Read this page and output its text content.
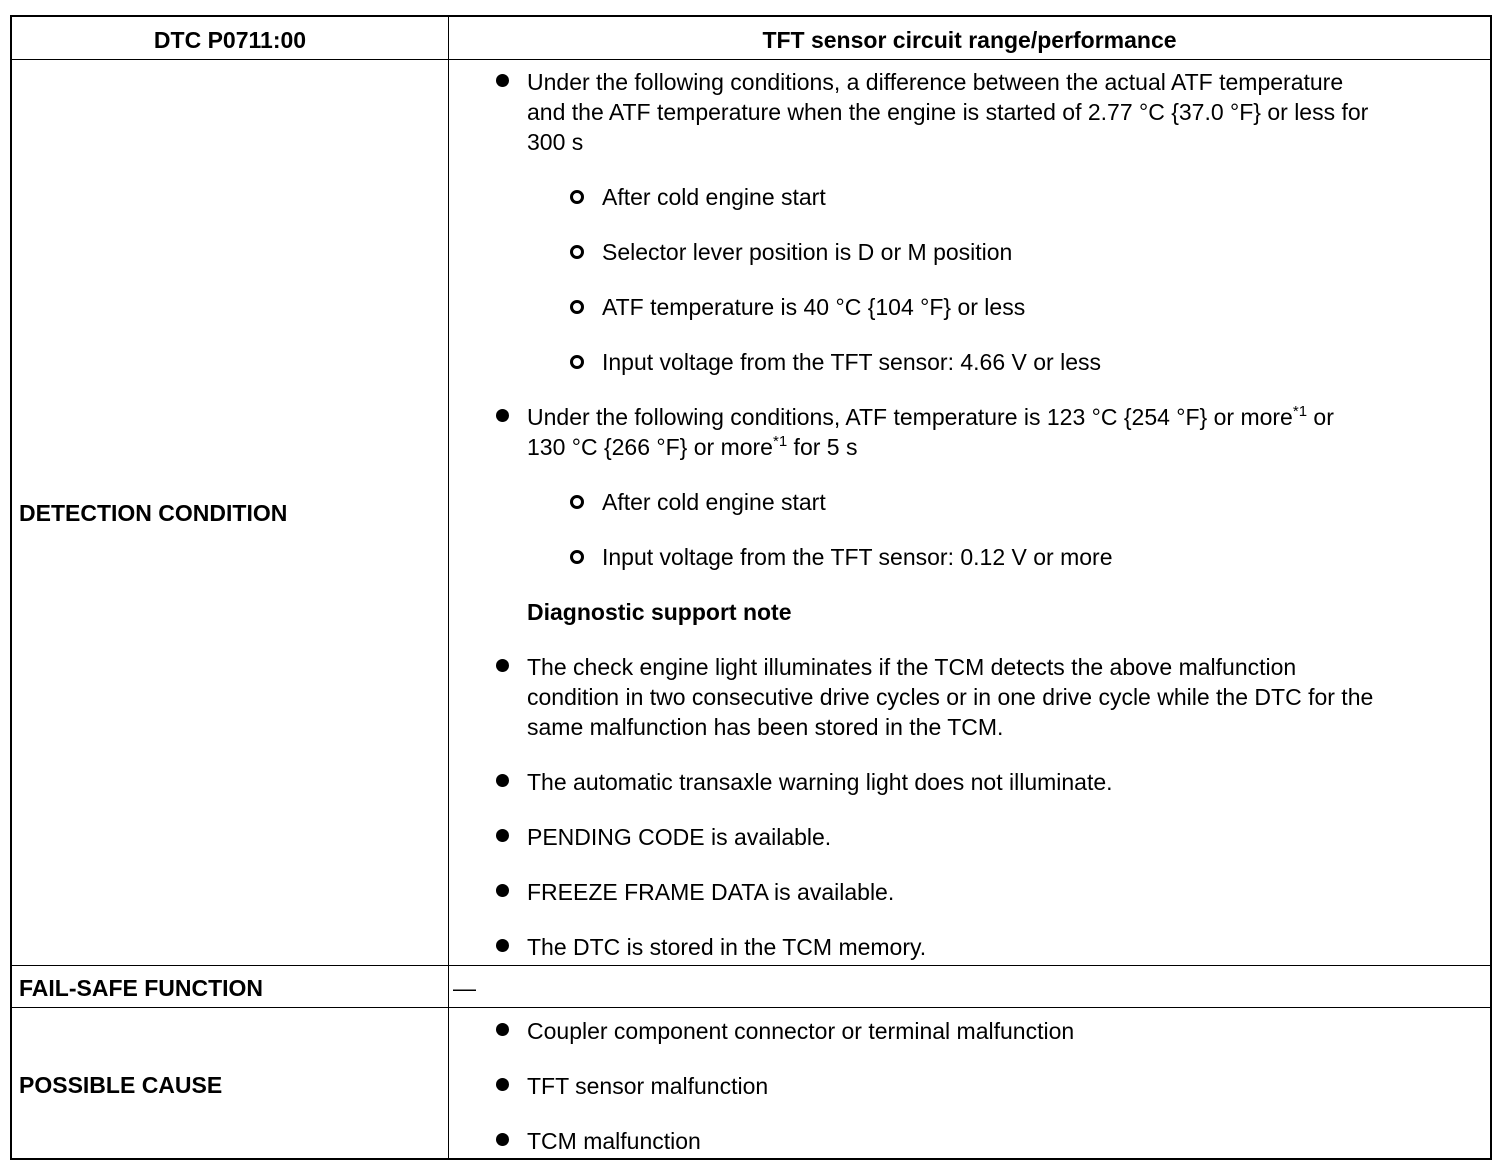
DTC P0711:00	TFT sensor circuit range/performance
DETECTION CONDITION
FAIL-SAFE FUNCTION
POSSIBLE CAUSE
Under the following conditions, a difference between the actual ATF temperature
and the ATF temperature when the engine is started of 2.77 °C {37.0 °F} or less for
300 s
After cold engine start
Selector lever position is D or M position
ATF temperature is 40 °C {104 °F} or less
Input voltage from the TFT sensor: 4.66 V or less
Under the following conditions, ATF temperature is 123 °C {254 °F} or more$^{*1}$ or
130 °C {266 °F} or more$^{*1}$ for 5 s
After cold engine start
Input voltage from the TFT sensor: 0.12 V or more
Diagnostic support note
The check engine light illuminates if the TCM detects the above malfunction
condition in two consecutive drive cycles or in one drive cycle while the DTC for the
same malfunction has been stored in the TCM.
The automatic transaxle warning light does not illuminate.
PENDING CODE is available.
FREEZE FRAME DATA is available.
The DTC is stored in the TCM memory.
—
Coupler component connector or terminal malfunction
TFT sensor malfunction
TCM malfunction
